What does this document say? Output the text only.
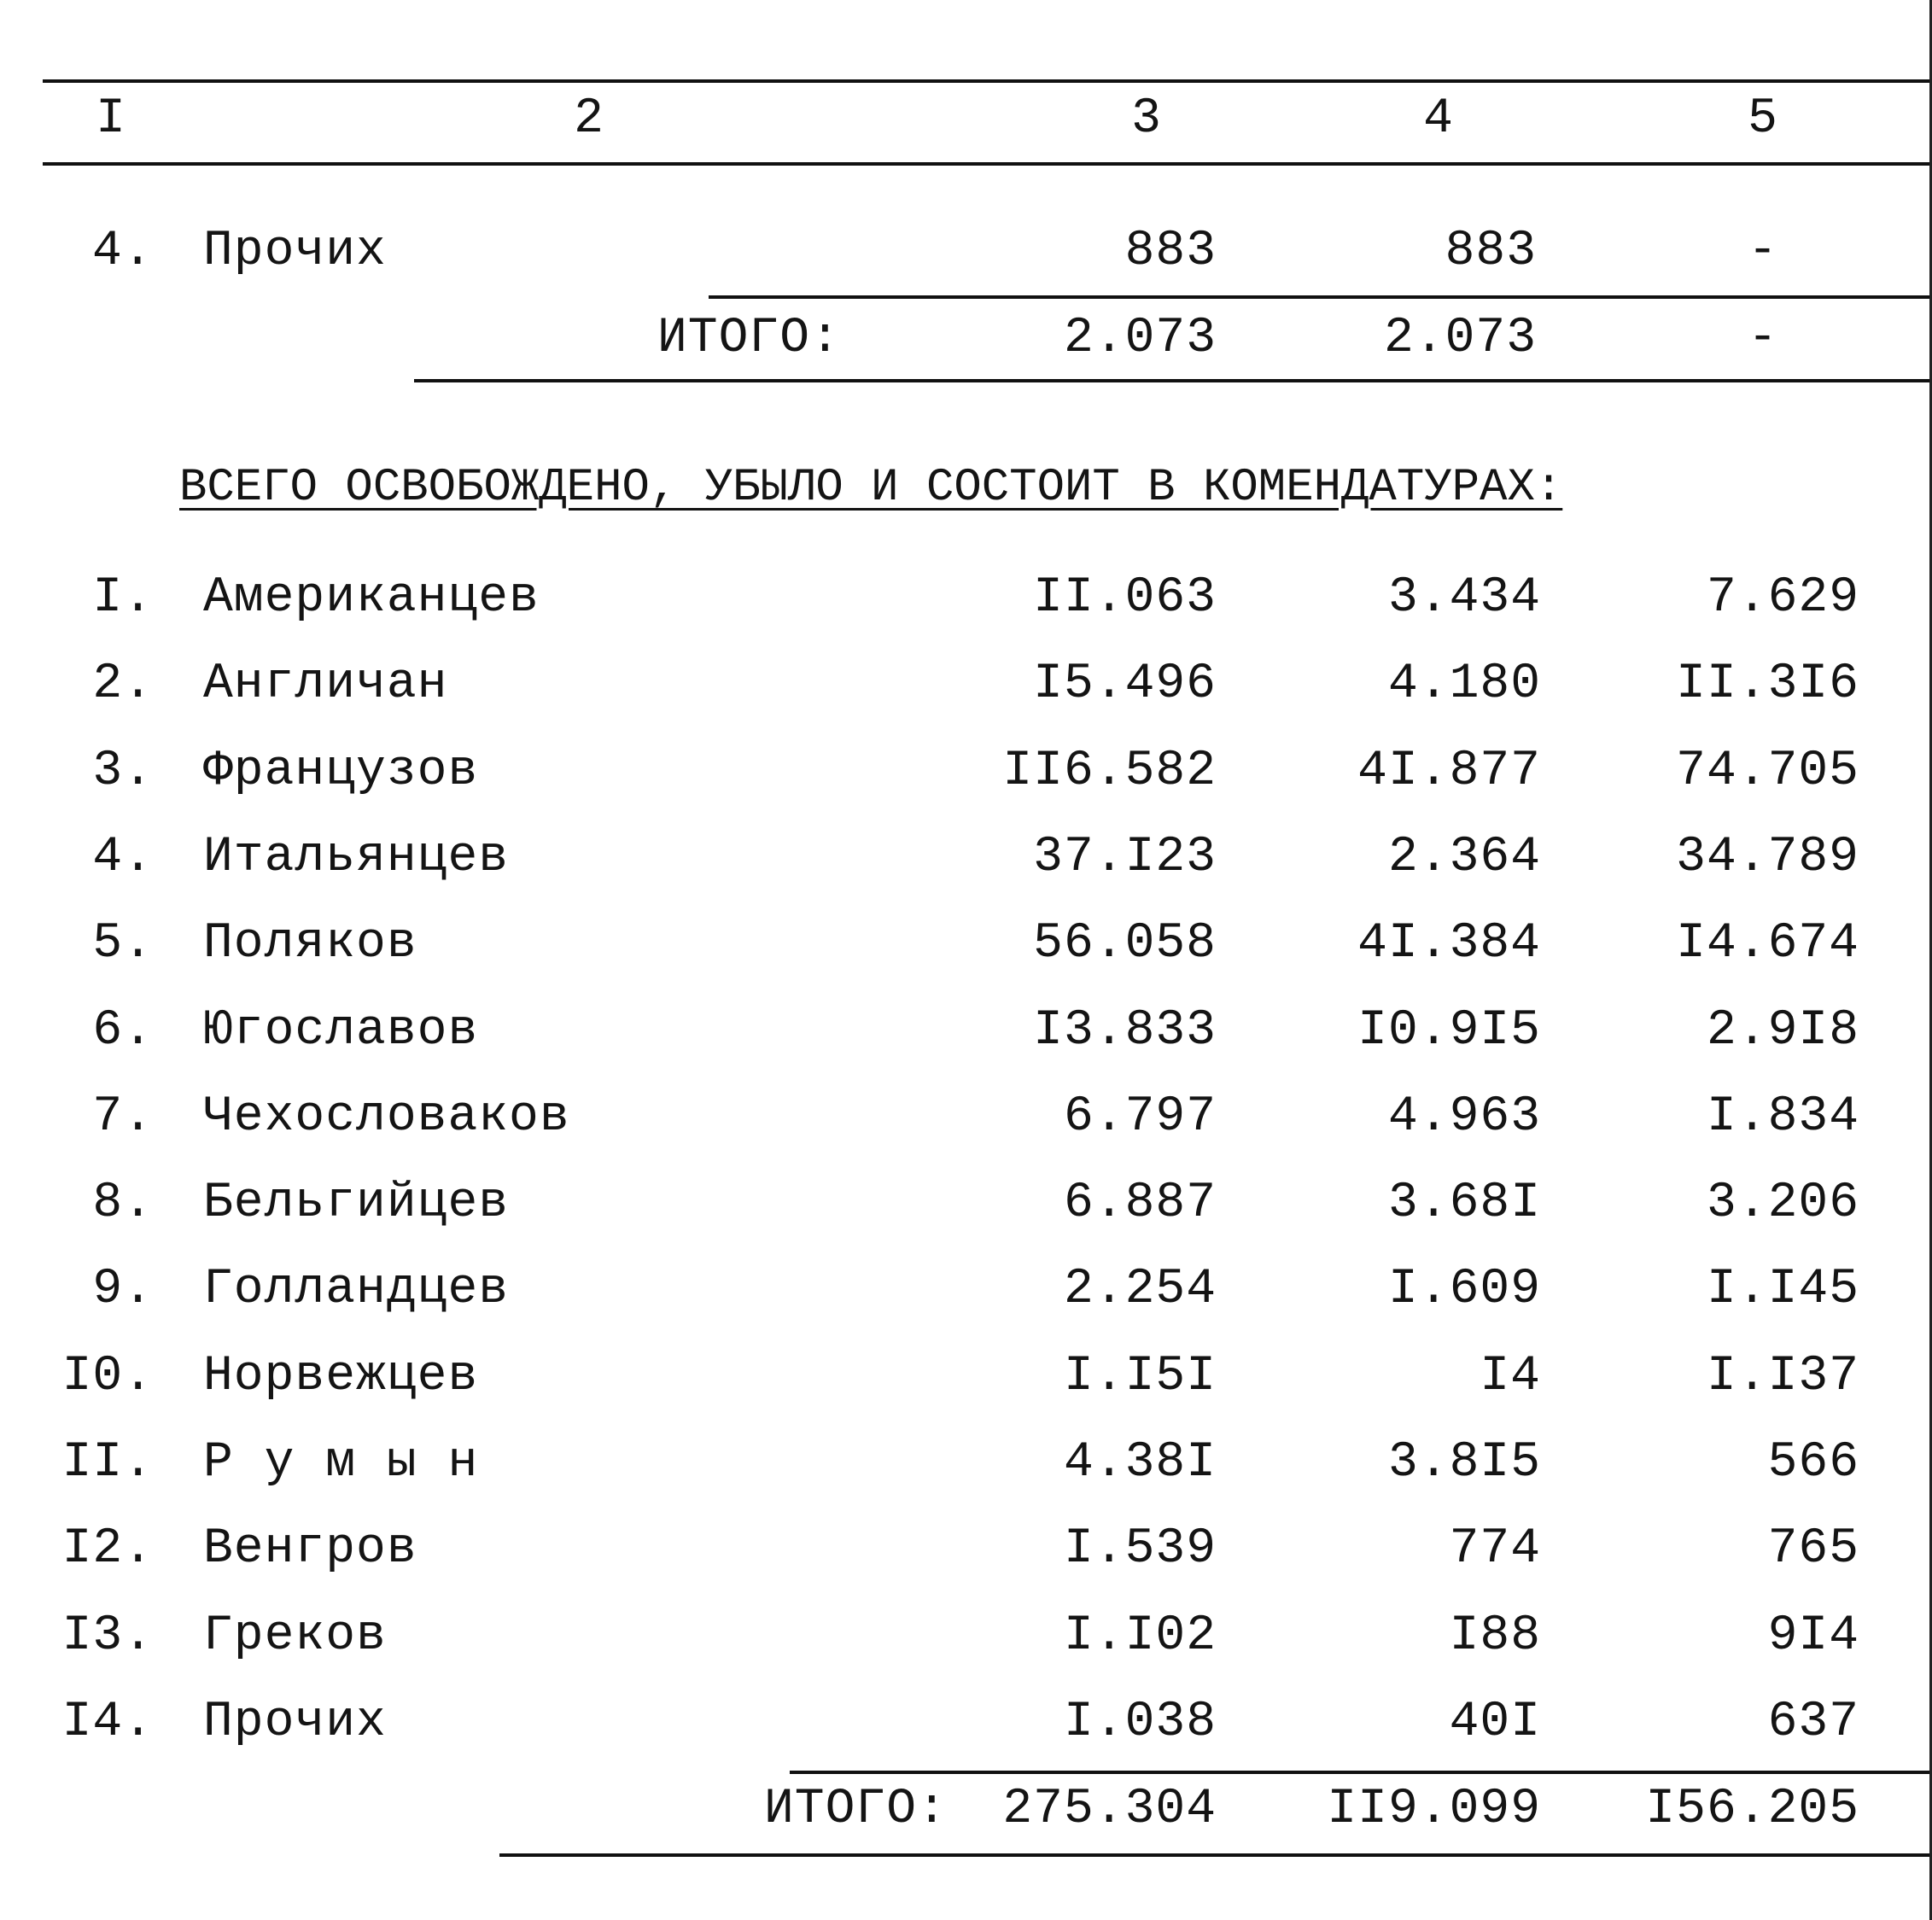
I	2	3	4	5
4. Прочих	883	883	-
ИТОГО:	2.073	2.073	-
ВСЕГО ОСВОБОЖДЕНО, УБЫЛО И СОСТОИТ В КОМЕНДАТУРАХ:
I. Американцев	II.063	3.434	7.629
2. Англичан	I5.496	4.180	II.3I6
3. Французов	II6.582	4I.877	74.705
4. Итальянцев	37.I23	2.364	34.789
5. Поляков	56.058	4I.384	I4.674
6. Югославов	I3.833	I0.9I5	2.9I8
7. Чехословаков	6.797	4.963	I.834
8. Бельгийцев	6.887	3.68I	3.206
9. Голландцев	2.254	I.609	I.I45
I0. Норвежцев	I.I5I	I4	I.I37
II. Р у м ы н	4.38I	3.8I5	566
I2. Венгров	I.539	774	765
I3. Греков	I.I02	I88	9I4
I4. Прочих	I.038	40I	637
ИТОГО:	275.304	II9.099	I56.205
